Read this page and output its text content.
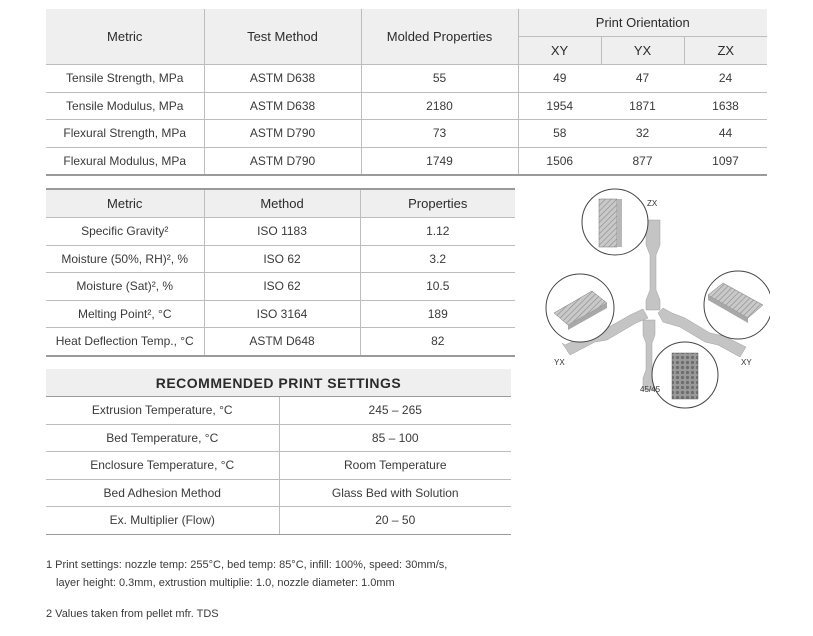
Metric	Test Method	Molded Properties	Print Orientation		
			XY	YX	ZX
Tensile Strength, MPa	ASTM D638	55	49	47	24
Tensile Modulus, MPa	ASTM D638	2180	1954	1871	1638
Flexural Strength, MPa	ASTM D790	73	58	32	44
Flexural Modulus, MPa	ASTM D790	1749	1506	877	1097
Metric	Method	Properties
Specific Gravity²	ISO 1183	1.12
Moisture (50%, RH)², %	ISO 62	3.2
Moisture (Sat)², %	ISO 62	10.5
Melting Point², °C	ISO 3164	189
Heat Deflection Temp., °C	ASTM D648	82
ZX
YX	XY
45/45
RECOMMENDED PRINT SETTINGS
Extrusion Temperature, °C	245 – 265
Bed Temperature, °C	85 – 100
Enclosure Temperature, °C	Room Temperature
Bed Adhesion Method	Glass Bed with Solution
Ex. Multiplier (Flow)	20 – 50
1 Print settings: nozzle temp: 255°C, bed temp: 85°C, infill: 100%, speed: 30mm/s,
layer height: 0.3mm, extrustion multiplie: 1.0, nozzle diameter: 1.0mm
2 Values taken from pellet mfr. TDS
